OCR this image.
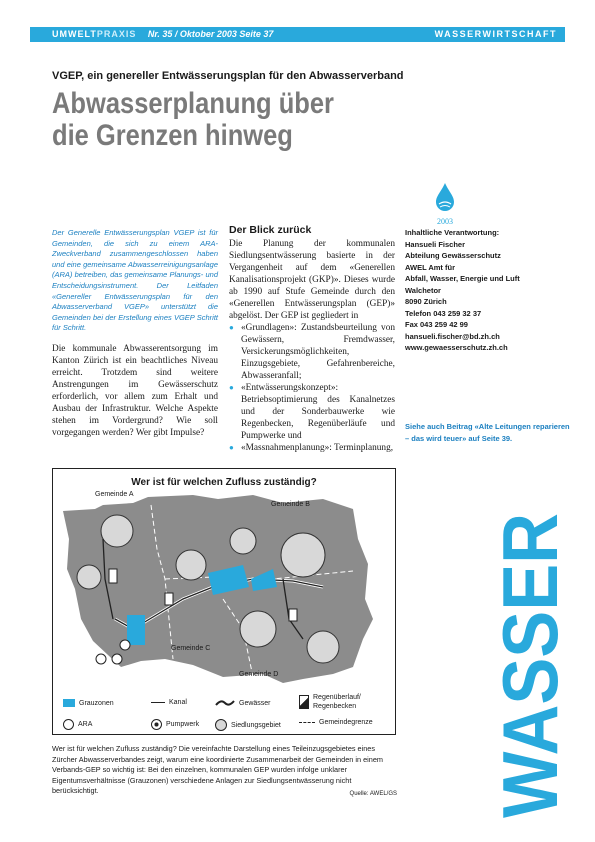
UMWELTPRAXIS Nr. 35 / Oktober 2003 Seite 37	WASSERWIRTSCHAFT
VGEP, ein genereller Entwässerungsplan für den Abwasserverband
Abwasserplanung über
die Grenzen hinweg
2003
Der Generelle Entwässerungsplan VGEP ist für Gemeinden, die sich zu einem ARA-Zweckverband zusammengeschlossen haben und eine gemeinsame Abwasserreinigungsanlage (ARA) betreiben, das gemeinsame Planungs- und Entscheidungsinstrument. Der Leitfaden «Genereller Entwässerungsplan für den Abwasserverband VGEP» unterstützt die Gemeinden bei der Erstellung eines VGEP Schritt für Schritt.
Die kommunale Abwasserentsorgung im Kanton Zürich ist ein beachtliches Niveau erreicht. Trotzdem sind weitere Anstrengungen im Gewässerschutz erforderlich, vor allem zum Erhalt und Ausbau der Infrastruktur. Welche Aspekte stehen im Vordergrund? Wie soll vorgegangen werden? Wer gibt Impulse?
Der Blick zurück

Die Planung der kommunalen Siedlungsentwässerung basierte in der Vergangenheit auf dem «Generellen Kanalisationsprojekt (GKP)». Dieses wurde ab 1990 auf Stufe Gemeinde durch den «Generellen Entwässerungsplan (GEP)» abgelöst. Der GEP ist gegliedert in

● «Grundlagen»: Zustandsbeurteilung von Gewässern, Fremdwasser, Versickerungsmöglichkeiten, Einzugsgebiete, Gefahrenbereiche, Abwasseranfall;
● «Entwässerungskonzept»: Betriebsoptimierung des Kanalnetzes und der Sonderbauwerke wie Regenbecken, Regenüberläufe und Pumpwerke und
● «Massnahmenplanung»: Terminplanung,
Inhaltliche Verantwortung:
Hansueli Fischer
Abteilung Gewässerschutz
AWEL Amt für
Abfall, Wasser, Energie und Luft
Walchetor
8090 Zürich
Telefon 043 259 32 37
Fax 043 259 42 99
hansueli.fischer@bd.zh.ch
www.gewaesserschutz.zh.ch
Siehe auch Beitrag «Alte Leitungen reparieren – das wird teuer» auf Seite 39.
Wer ist für welchen Zufluss zuständig?
Gemeinde A
Gemeinde B
Gemeinde C
Gemeinde D
Grauzonen	Kanal	Gewässer
Regenüberlauf/ Regenbecken
ARA	Pumpwerk	Siedlungsgebiet	Gemeindegrenze
Wer ist für welchen Zufluss zuständig? Die vereinfachte Darstellung eines Teileinzugsgebietes eines Zürcher Abwasserverbandes zeigt, warum eine koordinierte Zusammenarbeit der Gemeinden in einem Verbands-GEP so wichtig ist: Bei den einzelnen, kommunalen GEP wurden infolge unklarer Eigentumsverhältnisse (Grauzonen) verschiedene Anlagen zur Siedlungsentwässerung nicht berücksichtigt.	Quelle: AWEL/GS WASSER
